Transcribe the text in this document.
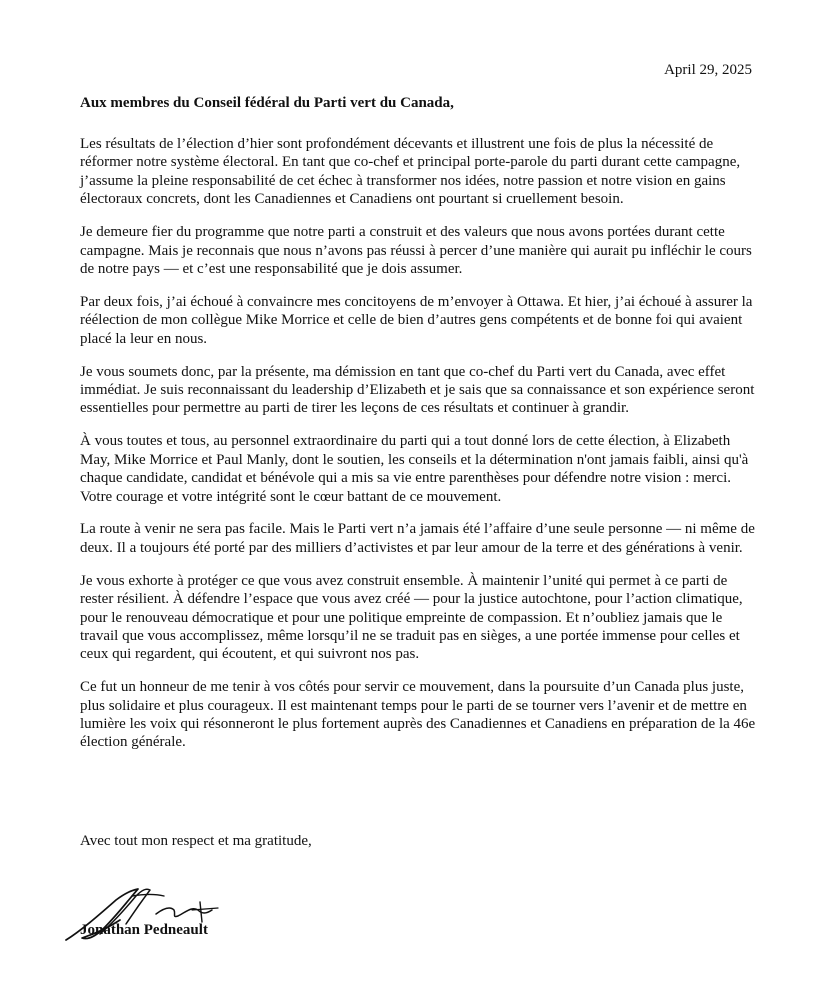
April 29, 2025
Aux membres du Conseil fédéral du Parti vert du Canada,

Les résultats de l’élection d’hier sont profondément décevants et illustrent une fois de plus la nécessité de réformer notre système électoral. En tant que co-chef et principal porte-parole du parti durant cette campagne, j’assume la pleine responsabilité de cet échec à transformer nos idées, notre passion et notre vision en gains électoraux concrets, dont les Canadiennes et Canadiens ont pourtant si cruellement besoin.

Je demeure fier du programme que notre parti a construit et des valeurs que nous avons portées durant cette campagne. Mais je reconnais que nous n’avons pas réussi à percer d’une manière qui aurait pu infléchir le cours de notre pays — et c’est une responsabilité que je dois assumer.

Par deux fois, j’ai échoué à convaincre mes concitoyens de m’envoyer à Ottawa. Et hier, j’ai échoué à assurer la réélection de mon collègue Mike Morrice et celle de bien d’autres gens compétents et de bonne foi qui avaient placé la leur en nous.

Je vous soumets donc, par la présente, ma démission en tant que co-chef du Parti vert du Canada, avec effet immédiat. Je suis reconnaissant du leadership d’Elizabeth et je sais que sa connaissance et son expérience seront essentielles pour permettre au parti de tirer les leçons de ces résultats et continuer à grandir.

À vous toutes et tous, au personnel extraordinaire du parti qui a tout donné lors de cette élection, à Elizabeth May, Mike Morrice et Paul Manly, dont le soutien, les conseils et la détermination n'ont jamais faibli, ainsi qu'à chaque candidate, candidat et bénévole qui a mis sa vie entre parenthèses pour défendre notre vision : merci. Votre courage et votre intégrité sont le cœur battant de ce mouvement.

La route à venir ne sera pas facile. Mais le Parti vert n’a jamais été l’affaire d’une seule personne — ni même de deux. Il a toujours été porté par des milliers d’activistes et par leur amour de la terre et des générations à venir.

Je vous exhorte à protéger ce que vous avez construit ensemble. À maintenir l’unité qui permet à ce parti de rester résilient. À défendre l’espace que vous avez créé — pour la justice autochtone, pour l’action climatique, pour le renouveau démocratique et pour une politique empreinte de compassion. Et n’oubliez jamais que le travail que vous accomplissez, même lorsqu’il ne se traduit pas en sièges, a une portée immense pour celles et ceux qui regardent, qui écoutent, et qui suivront nos pas.

Ce fut un honneur de me tenir à vos côtés pour servir ce mouvement, dans la poursuite d’un Canada plus juste, plus solidaire et plus courageux. Il est maintenant temps pour le parti de se tourner vers l’avenir et de mettre en lumière les voix qui résonneront le plus fortement auprès des Canadiennes et Canadiens en préparation de la 46e élection générale.

Avec tout mon respect et ma gratitude,
Jonathan Pedneault
